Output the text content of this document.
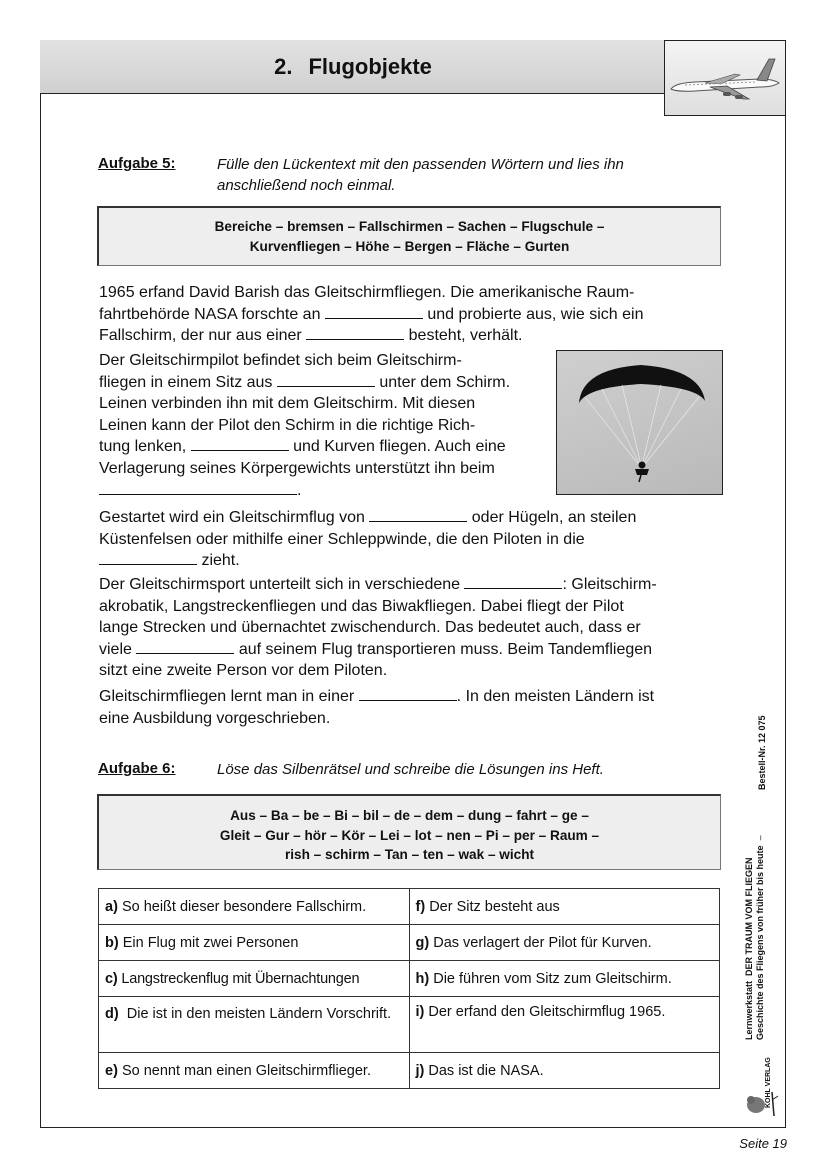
2. Flugobjekte
Aufgabe 5:	Fülle den Lückentext mit den passenden Wörtern und lies ihn
anschließend noch einmal.
Bereiche – bremsen – Fallschirmen – Sachen – Flugschule –
Kurvenfliegen – Höhe – Bergen – Fläche – Gurten
1965 erfand David Barish das Gleitschirmfliegen. Die amerikanische Raum-
fahrtbehörde NASA forschte an	und probierte aus, wie sich ein
Fallschirm, der nur aus einer	besteht, verhält.
Der Gleitschirmpilot befindet sich beim Gleitschirm-
fliegen in einem Sitz aus	unter dem Schirm.
Leinen verbinden ihn mit dem Gleitschirm. Mit diesen
Leinen kann der Pilot den Schirm in die richtige Rich-
tung lenken,	und Kurven fliegen. Auch eine
Verlagerung seines Körpergewichts unterstützt ihn beim
.
Gestartet wird ein Gleitschirmflug von	oder Hügeln, an steilen
Küstenfelsen oder mithilfe einer Schleppwinde, die den Piloten in die
zieht.
Der Gleitschirmsport unterteilt sich in verschiedene	: Gleitschirm-
akrobatik, Langstreckenfliegen und das Biwakfliegen. Dabei fliegt der Pilot
lange Strecken und übernachtet zwischendurch. Das bedeutet auch, dass er
viele	auf seinem Flug transportieren muss. Beim Tandemfliegen
sitzt eine zweite Person vor dem Piloten.
Gleitschirmfliegen lernt man in einer	. In den meisten Ländern ist
eine Ausbildung vorgeschrieben.
Aufgabe 6:	Löse das Silbenrätsel und schreibe die Lösungen ins Heft.
Aus – Ba – be – Bi – bil – de – dem – dung – fahrt – ge –
Gleit – Gur – hör – Kör – Lei – lot – nen – Pi – per – Raum –
rish – schirm – Tan – ten – wak – wicht
a) So heißt dieser besondere Fallschirm.	f) Der Sitz besteht aus
b) Ein Flug mit zwei Personen	g) Das verlagert der Pilot für Kurven.
c) Langstreckenflug mit Übernachtungen	h) Die führen vom Sitz zum Gleitschirm.
d) Die ist in den meisten Ländern Vorschrift.	i) Der erfand den Gleitschirmflug 1965.
e) So nennt man einen Gleitschirmflieger.	j) Das ist die NASA.
Bestell-Nr. 12 075
Lernwerkstatt  DER TRAUM VOM FLIEGEN Geschichte des Fliegens von früher bis heute  –
KOHL VERLAG
Seite 19
